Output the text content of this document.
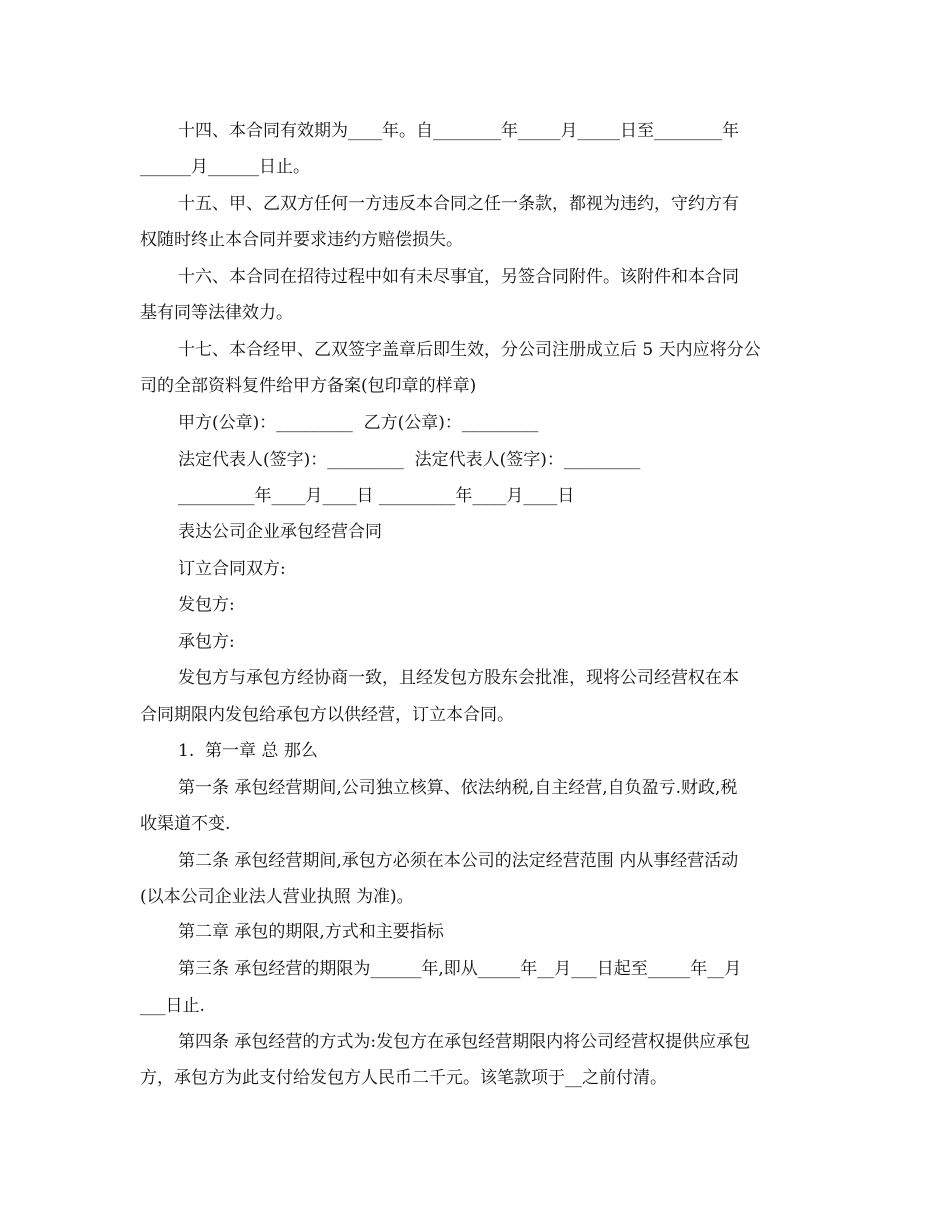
十四、本合同有效期为____年。自________年_____月_____日至________年
______月______日止。
十五、甲、乙双方任何一方违反本合同之任一条款，都视为违约，守约方有
权随时终止本合同并要求违约方赔偿损失。
十六、本合同在招待过程中如有未尽事宜，另签合同附件。该附件和本合同
基有同等法律效力。
十七、本合经甲、乙双签字盖章后即生效，分公司注册成立后 5 天内应将分公
司的全部资料复件给甲方备案(包印章的样章)
甲方(公章)：_________  乙方(公章)：_________
法定代表人(签字)：_________  法定代表人(签字)：_________
_________年____月____日 _________年____月____日
表达公司企业承包经营合同
订立合同双方:
发包方:
承包方:
发包方与承包方经协商一致，且经发包方股东会批准，现将公司经营权在本
合同期限内发包给承包方以供经营，订立本合同。
1.  第一章 总 那么
第一条 承包经营期间,公司独立核算、依法纳税,自主经营,自负盈亏.财政,税
收渠道不变.
第二条 承包经营期间,承包方必须在本公司的法定经营范围 内从事经营活动
(以本公司企业法人营业执照 为准)。
第二章 承包的期限,方式和主要指标
第三条 承包经营的期限为______年,即从_____年__月___日起至_____年__月
___日止.
第四条 承包经营的方式为:发包方在承包经营期限内将公司经营权提供应承包
方，承包方为此支付给发包方人民币二千元。该笔款项于__之前付清。
